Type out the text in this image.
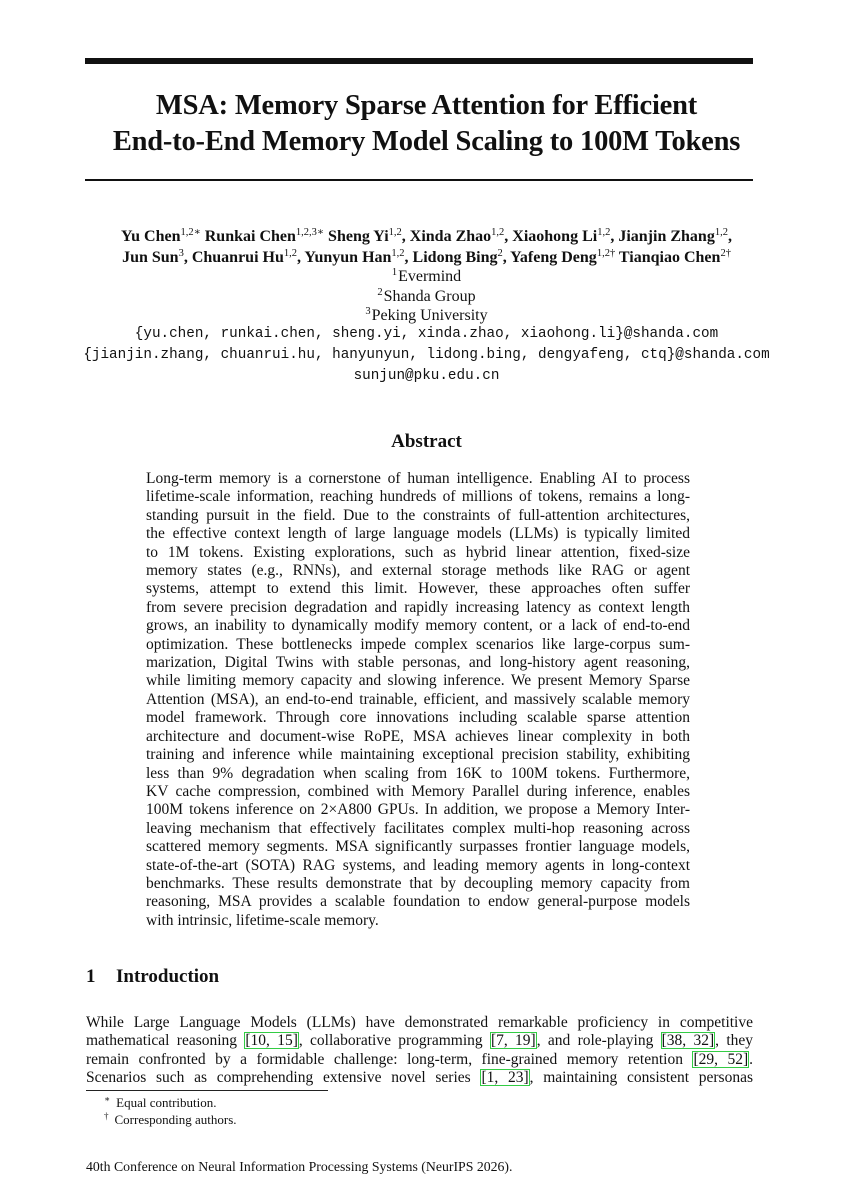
MSA: Memory Sparse Attention for Efficient
End-to-End Memory Model Scaling to 100M Tokens
Yu Chen$^{1,2∗}$ Runkai Chen$^{1,2,3∗}$ Sheng Yi$^{1,2}$, Xinda Zhao$^{1,2}$, Xiaohong Li$^{1,2}$, Jianjin Zhang$^{1,2}$,
Jun Sun$^3$, Chuanrui Hu$^{1,2}$, Yunyun Han$^{1,2}$, Lidong Bing$^2$, Yafeng Deng$^{1,2\dagger}$ Tianqiao Chen$^{2\dagger}$
$^1$Evermind
$^2$Shanda Group
$^3$Peking University
{yu.chen, runkai.chen, sheng.yi, xinda.zhao, xiaohong.li}@shanda.com
{jianjin.zhang, chuanrui.hu, hanyunyun, lidong.bing, dengyafeng, ctq}@shanda.com
sunjun@pku.edu.cn
Abstract
Long-term memory is a cornerstone of human intelligence. Enabling AI to process
lifetime-scale information, reaching hundreds of millions of tokens, remains a long-
standing pursuit in the field. Due to the constraints of full-attention architectures,
the effective context length of large language models (LLMs) is typically limited
to 1M tokens. Existing explorations, such as hybrid linear attention, fixed-size
memory states (e.g., RNNs), and external storage methods like RAG or agent
systems, attempt to extend this limit. However, these approaches often suffer
from severe precision degradation and rapidly increasing latency as context length
grows, an inability to dynamically modify memory content, or a lack of end-to-end
optimization. These bottlenecks impede complex scenarios like large-corpus sum-
marization, Digital Twins with stable personas, and long-history agent reasoning,
while limiting memory capacity and slowing inference. We present Memory Sparse
Attention (MSA), an end-to-end trainable, efficient, and massively scalable memory
model framework. Through core innovations including scalable sparse attention
architecture and document-wise RoPE, MSA achieves linear complexity in both
training and inference while maintaining exceptional precision stability, exhibiting
less than 9% degradation when scaling from 16K to 100M tokens. Furthermore,
KV cache compression, combined with Memory Parallel during inference, enables
100M tokens inference on 2×A800 GPUs. In addition, we propose a Memory Inter-
leaving mechanism that effectively facilitates complex multi-hop reasoning across
scattered memory segments. MSA significantly surpasses frontier language models,
state-of-the-art (SOTA) RAG systems, and leading memory agents in long-context
benchmarks. These results demonstrate that by decoupling memory capacity from
reasoning, MSA provides a scalable foundation to endow general-purpose models
with intrinsic, lifetime-scale memory.
1 Introduction
While Large Language Models (LLMs) have demonstrated remarkable proficiency in competitive
mathematical reasoning [10, 15], collaborative programming [7, 19], and role-playing [38, 32], they
remain confronted by a formidable challenge: long-term, fine-grained memory retention [29, 52].
Scenarios such as comprehending extensive novel series [1, 23], maintaining consistent personas
∗ Equal contribution.
† Corresponding authors.
40th Conference on Neural Information Processing Systems (NeurIPS 2026).
